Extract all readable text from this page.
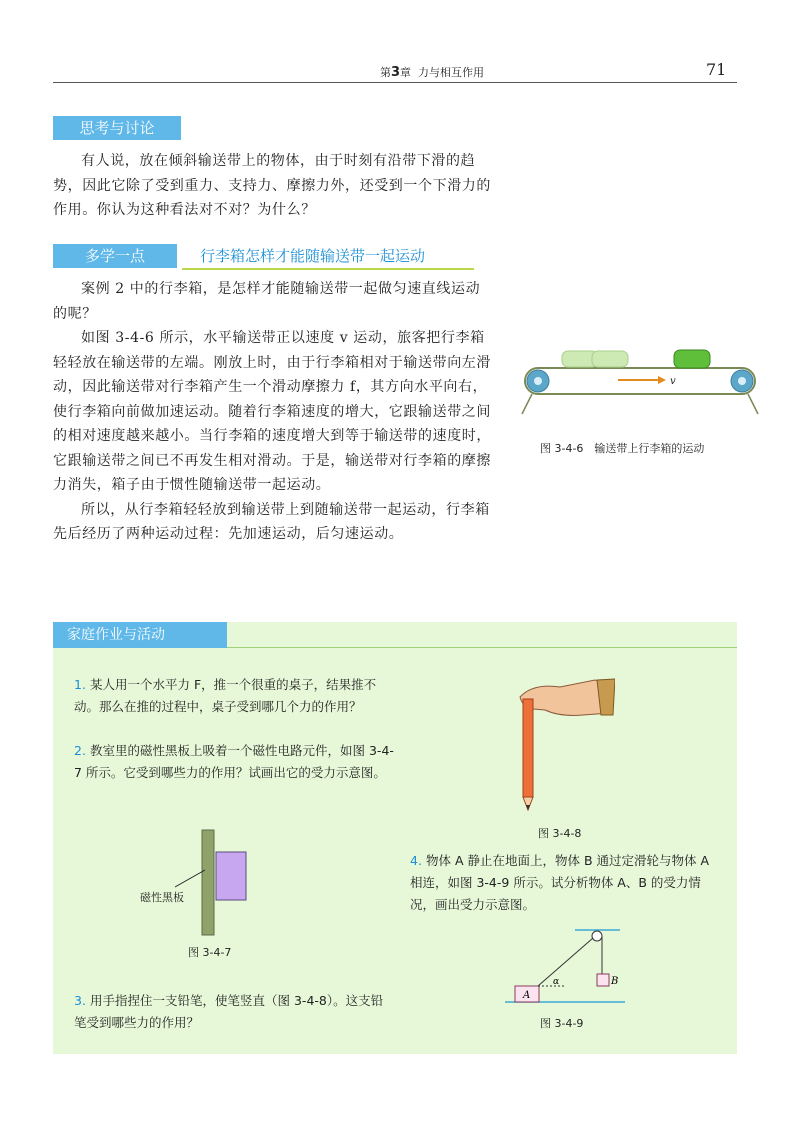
第3章 力与相互作用	71
思考与讨论

有人说，放在倾斜输送带上的物体，由于时刻有沿带下滑的趋势，因此它除了受到重力、支持力、摩擦力外，还受到一个下滑力的作用。你认为这种看法对不对？为什么？

多学一点	行李箱怎样才能随输送带一起运动

案例 2 中的行李箱，是怎样才能随输送带一起做匀速直线运动的呢？

如图 3-4-6 所示，水平输送带正以速度 v 运动，旅客把行李箱轻轻放在输送带的左端。刚放上时，由于行李箱相对于输送带向左滑动，因此输送带对行李箱产生一个滑动摩擦力 f，其方向水平向右，使行李箱向前做加速运动。随着行李箱速度的增大，它跟输送带之间的相对速度越来越小。当行李箱的速度增大到等于输送带的速度时，它跟输送带之间已不再发生相对滑动。于是，输送带对行李箱的摩擦力消失，箱子由于惯性随输送带一起运动。

所以，从行李箱轻轻放到输送带上到随输送带一起运动，行李箱先后经历了两种运动过程：先加速运动，后匀速运动。

v
图 3-4-6　输送带上行李箱的运动
家庭作业与活动
1. 某人用一个水平力 F，推一个很重的桌子，结果推不动。那么在推的过程中，桌子受到哪几个力的作用？
2. 教室里的磁性黑板上吸着一个磁性电路元件，如图 3-4-7 所示。它受到哪些力的作用？试画出它的受力示意图。
磁性黑板
图 3-4-7
3. 用手指捏住一支铅笔，使笔竖直（图 3-4-8）。这支铅笔受到哪些力的作用？
图 3-4-8
4. 物体 A 静止在地面上，物体 B 通过定滑轮与物体 A 相连，如图 3-4-9 所示。试分析物体 A、B 的受力情况，画出受力示意图。
A
B
α
图 3-4-9
